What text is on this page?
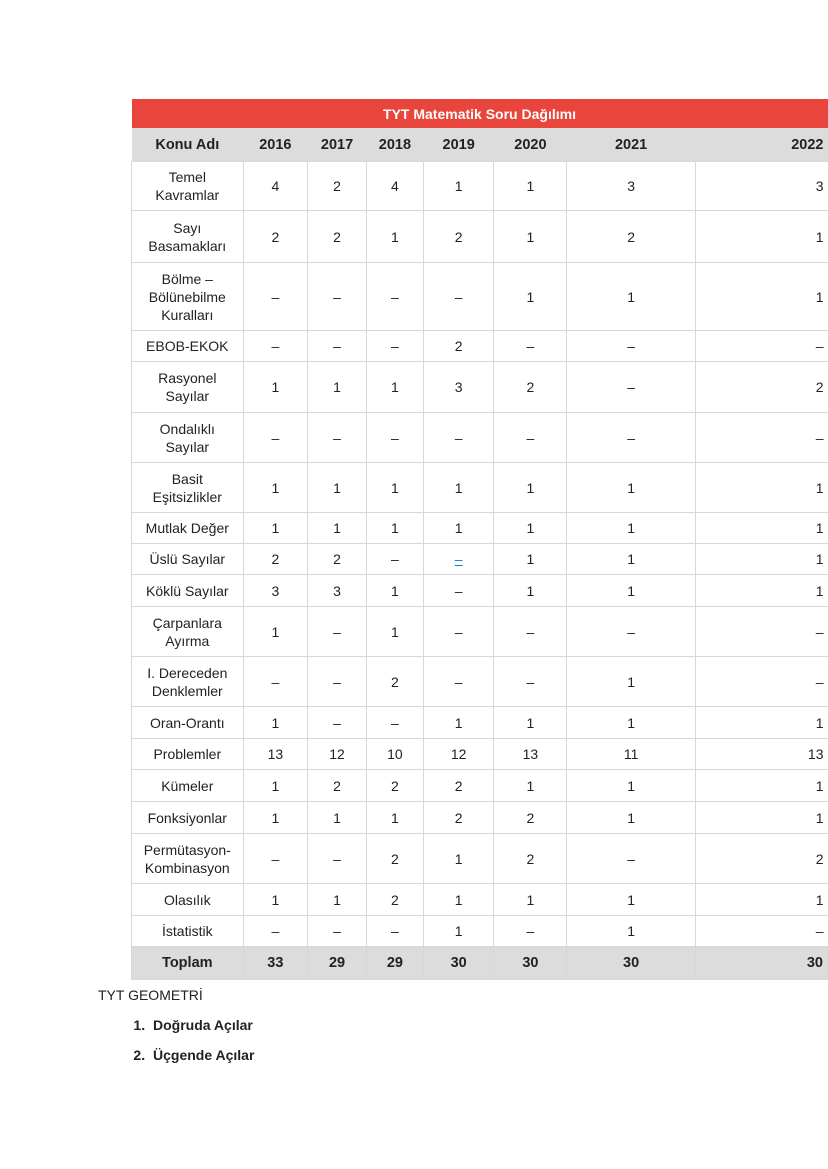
TYT Matematik Soru Dağılımı							
Konu Adı	2016	2017	2018	2019	2020	2021	2022
Temel Kavramlar	4	2	4	1	1	3	3
Sayı Basamakları	2	2	1	2	1	2	1
Bölme – Bölünebilme Kuralları	–	–	–	–	1	1	1
EBOB-EKOK	–	–	–	2	–	–	–
Rasyonel Sayılar	1	1	1	3	2	–	2
Ondalıklı Sayılar	–	–	–	–	–	–	–
Basit Eşitsizlikler	1	1	1	1	1	1	1
Mutlak Değer	1	1	1	1	1	1	1
Üslü Sayılar	2	2	–	–	1	1	1
Köklü Sayılar	3	3	1	–	1	1	1
Çarpanlara Ayırma	1	–	1	–	–	–	–
I. Dereceden Denklemler	–	–	2	–	–	1	–
Oran-Orantı	1	–	–	1	1	1	1
Problemler	13	12	10	12	13	11	13
Kümeler	1	2	2	2	1	1	1
Fonksiyonlar	1	1	1	2	2	1	1
Permütasyon-Kombinasyon	–	–	2	1	2	–	2
Olasılık	1	1	2	1	1	1	1
İstatistik	–	–	–	1	–	1	–
Toplam	33	29	29	30	30	30	30

TYT GEOMETRİ

1. Doğruda Açılar
2. Üçgende Açılar
